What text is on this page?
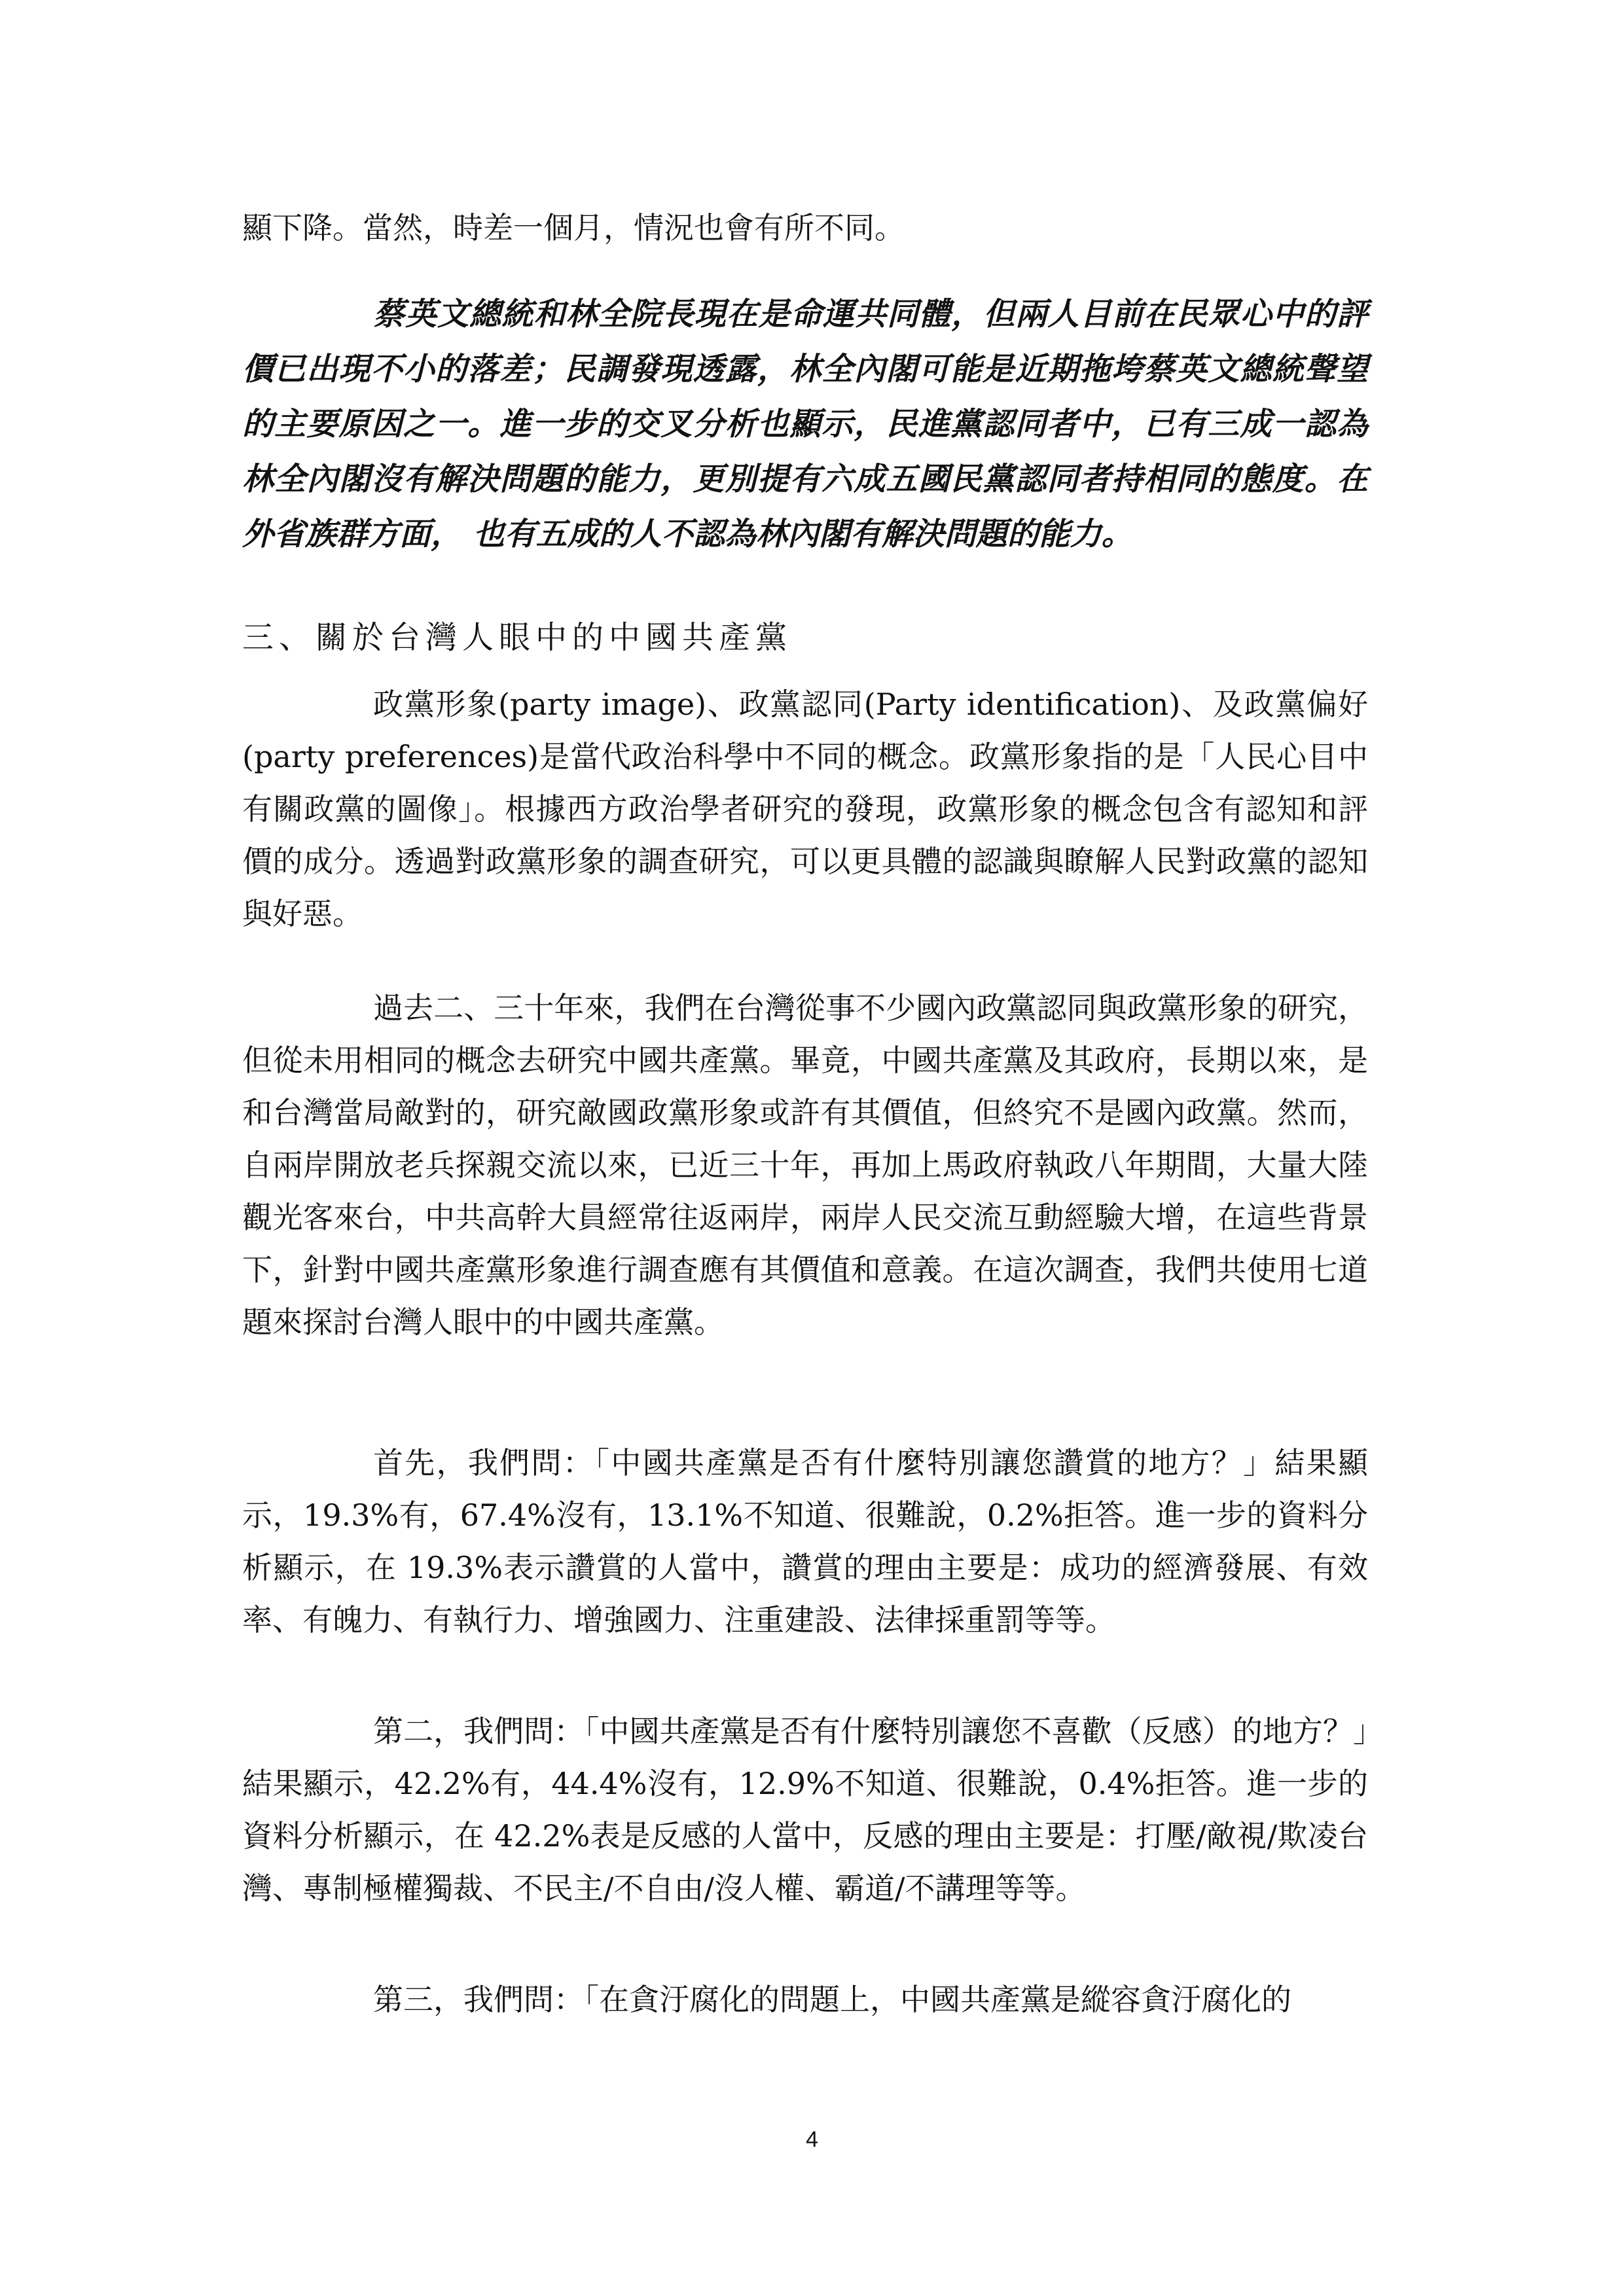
顯下降。當然，時差一個月，情況也會有所不同。

蔡英文總統和林全院長現在是命運共同體，但兩人目前在民眾心中的評價已出現不小的落差；民調發現透露，林全內閣可能是近期拖垮蔡英文總統聲望的主要原因之一。進一步的交叉分析也顯示，民進黨認同者中，已有三成一認為林全內閣沒有解決問題的能力，更別提有六成五國民黨認同者持相同的態度。在外省族群方面， 也有五成的人不認為林內閣有解決問題的能力。

三、關於台灣人眼中的中國共產黨

政黨形象(party image)、政黨認同(Party identification)、及政黨偏好(party preferences)是當代政治科學中不同的概念。政黨形象指的是「人民心目中有關政黨的圖像」。根據西方政治學者研究的發現，政黨形象的概念包含有認知和評價的成分。透過對政黨形象的調查研究，可以更具體的認識與瞭解人民對政黨的認知與好惡。

過去二、三十年來，我們在台灣從事不少國內政黨認同與政黨形象的研究，但從未用相同的概念去研究中國共產黨。畢竟，中國共產黨及其政府，長期以來，是和台灣當局敵對的，研究敵國政黨形象或許有其價值，但終究不是國內政黨。然而，自兩岸開放老兵探親交流以來，已近三十年，再加上馬政府執政八年期間，大量大陸觀光客來台，中共高幹大員經常往返兩岸，兩岸人民交流互動經驗大增，在這些背景下，針對中國共產黨形象進行調查應有其價值和意義。在這次調查，我們共使用七道題來探討台灣人眼中的中國共產黨。

首先，我們問：「中國共產黨是否有什麼特別讓您讚賞的地方？」結果顯示，19.3%有，67.4%沒有，13.1%不知道、很難說，0.2%拒答。進一步的資料分析顯示，在 19.3%表示讚賞的人當中，讚賞的理由主要是：成功的經濟發展、有效率、有魄力、有執行力、增強國力、注重建設、法律採重罰等等。

第二，我們問：「中國共產黨是否有什麼特別讓您不喜歡（反感）的地方？」結果顯示，42.2%有，44.4%沒有，12.9%不知道、很難說，0.4%拒答。進一步的資料分析顯示，在 42.2%表是反感的人當中，反感的理由主要是：打壓/敵視/欺凌台灣、專制極權獨裁、不民主/不自由/沒人權、霸道/不講理等等。

第三，我們問：「在貪汙腐化的問題上，中國共產黨是縱容貪汙腐化的

4
